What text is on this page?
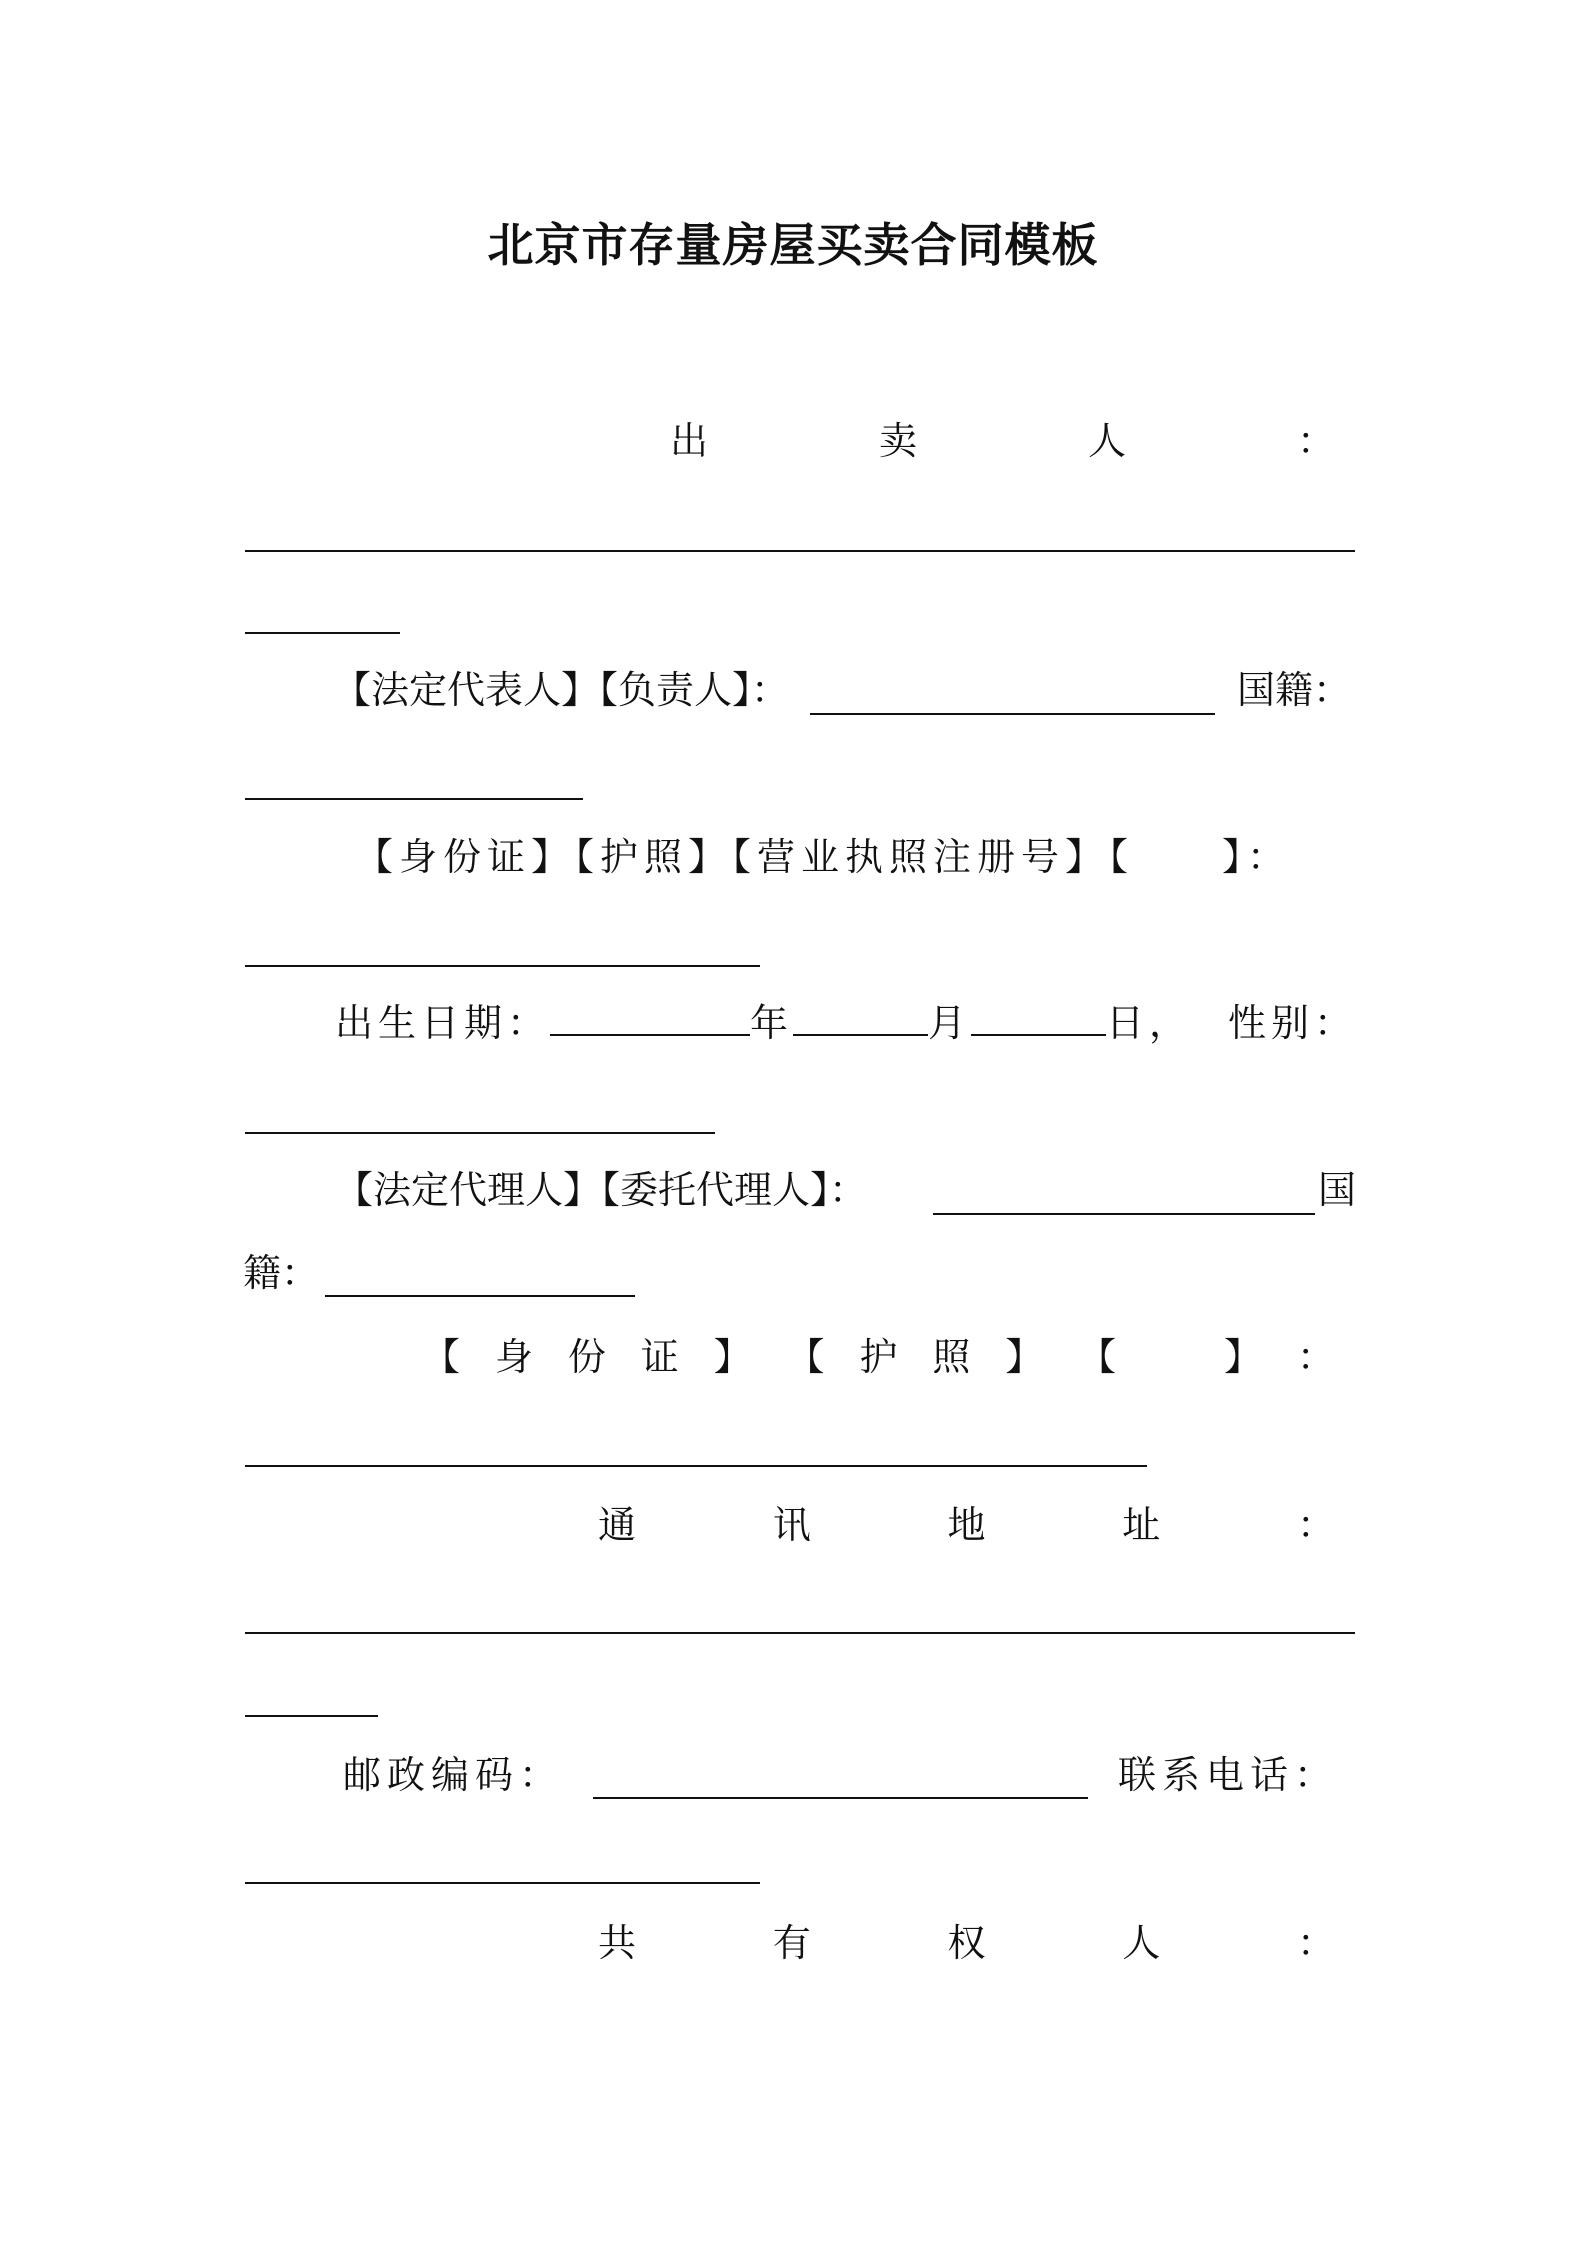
北京市存量房屋买卖合同模板
出	卖	人	：
【法定代表人】【负责人】：	国籍：
【身份证】【护照】【营业执照注册号】【　　】：
出生日期：	年	月	日， 性别：
【法定代理人】【委托代理人】：	国
籍：
【 身 份 证 】 【 护 照 】 【	】 ：
通	讯	地	址	：
邮政编码：	联系电话：
共	有	权	人	：
